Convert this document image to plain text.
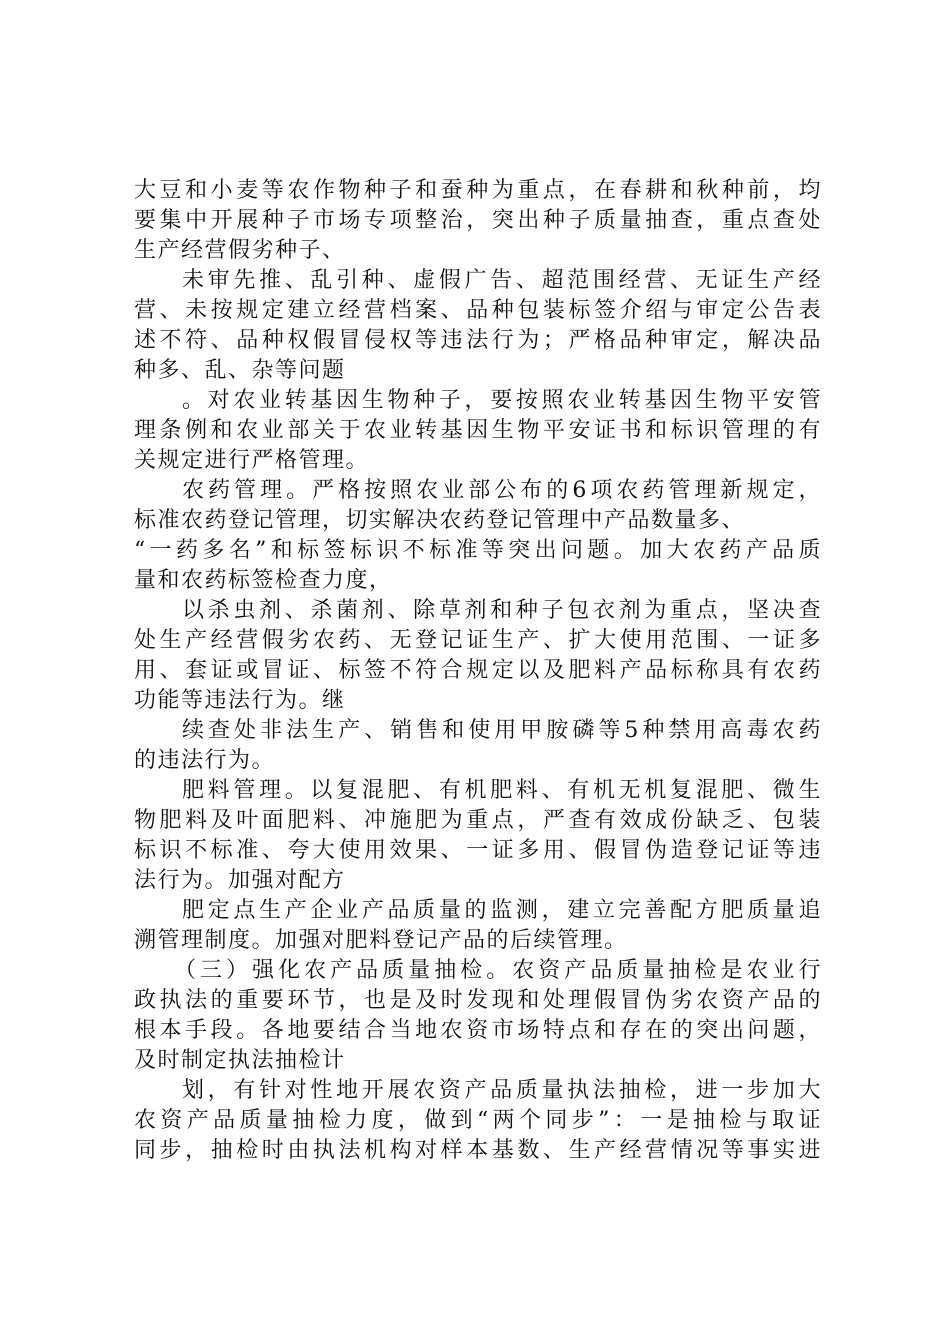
大豆和小麦等农作物种子和蚕种为重点，在春耕和秋种前，均
要集中开展种子市场专项整治，突出种子质量抽查，重点查处
生产经营假劣种子、
未审先推、乱引种、虚假广告、超范围经营、无证生产经
营、未按规定建立经营档案、品种包装标签介绍与审定公告表
述不符、品种权假冒侵权等违法行为；严格品种审定，解决品
种多、乱、杂等问题
。对农业转基因生物种子，要按照农业转基因生物平安管
理条例和农业部关于农业转基因生物平安证书和标识管理的有
关规定进行严格管理。
农药管理。严格按照农业部公布的6项农药管理新规定，
标准农药登记管理，切实解决农药登记管理中产品数量多、
“一药多名”和标签标识不标准等突出问题。加大农药产品质
量和农药标签检查力度，
以杀虫剂、杀菌剂、除草剂和种子包衣剂为重点，坚决查
处生产经营假劣农药、无登记证生产、扩大使用范围、一证多
用、套证或冒证、标签不符合规定以及肥料产品标称具有农药
功能等违法行为。继
续查处非法生产、销售和使用甲胺磷等5种禁用高毒农药
的违法行为。
肥料管理。以复混肥、有机肥料、有机无机复混肥、微生
物肥料及叶面肥料、冲施肥为重点，严查有效成份缺乏、包装
标识不标准、夸大使用效果、一证多用、假冒伪造登记证等违
法行为。加强对配方
肥定点生产企业产品质量的监测，建立完善配方肥质量追
溯管理制度。加强对肥料登记产品的后续管理。
（三）强化农产品质量抽检。农资产品质量抽检是农业行
政执法的重要环节，也是及时发现和处理假冒伪劣农资产品的
根本手段。各地要结合当地农资市场特点和存在的突出问题，
及时制定执法抽检计
划，有针对性地开展农资产品质量执法抽检，进一步加大
农资产品质量抽检力度，做到“两个同步”：一是抽检与取证
同步，抽检时由执法机构对样本基数、生产经营情况等事实进
